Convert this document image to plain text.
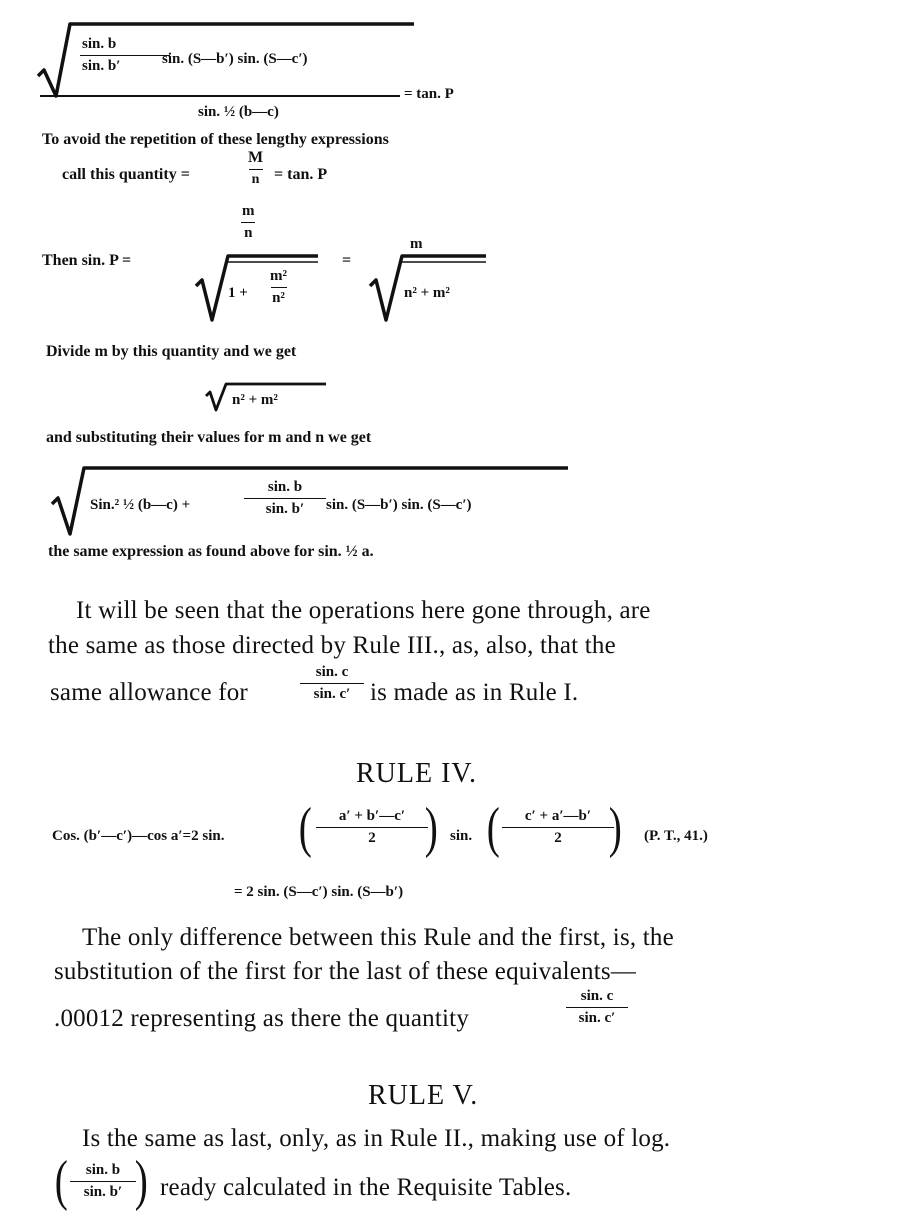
sin. b
sin. b′	sin. (S—b′) sin. (S—c′)
sin. ½ (b—c)
= tan. P
To avoid the repetition of these lengthy expressions
call this quantity =
M
n = tan. P
Then sin. P =
m
n
1 +
m²
n²
=
m
n² + m²
Divide m by this quantity and we get
n² + m²
and substituting their values for m and n we get
Sin.² ½ (b—c) +
sin. b
sin. b′ sin. (S—b′) sin. (S—c′)
the same expression as found above for sin. ½ a.
It will be seen that the operations here gone through, are
the same as those directed by Rule III., as, also, that the
same allowance for
sin. c
sin. c′ is made as in Rule I.
RULE IV.
Cos. (b′—c′)—cos a′=2 sin. ( a′ + b′—c′
2 ) sin. ( c′ + a′—b′
2 ) (P. T., 41.)
= 2 sin. (S—c′) sin. (S—b′)
The only difference between this Rule and the first, is, the
substitution of the first for the last of these equivalents—
.00012 representing as there the quantity
sin. c
sin. c′
RULE V.
Is the same as last, only, as in Rule II., making use of log.
( sin. b
sin. b′ ) ready calculated in the Requisite Tables.
